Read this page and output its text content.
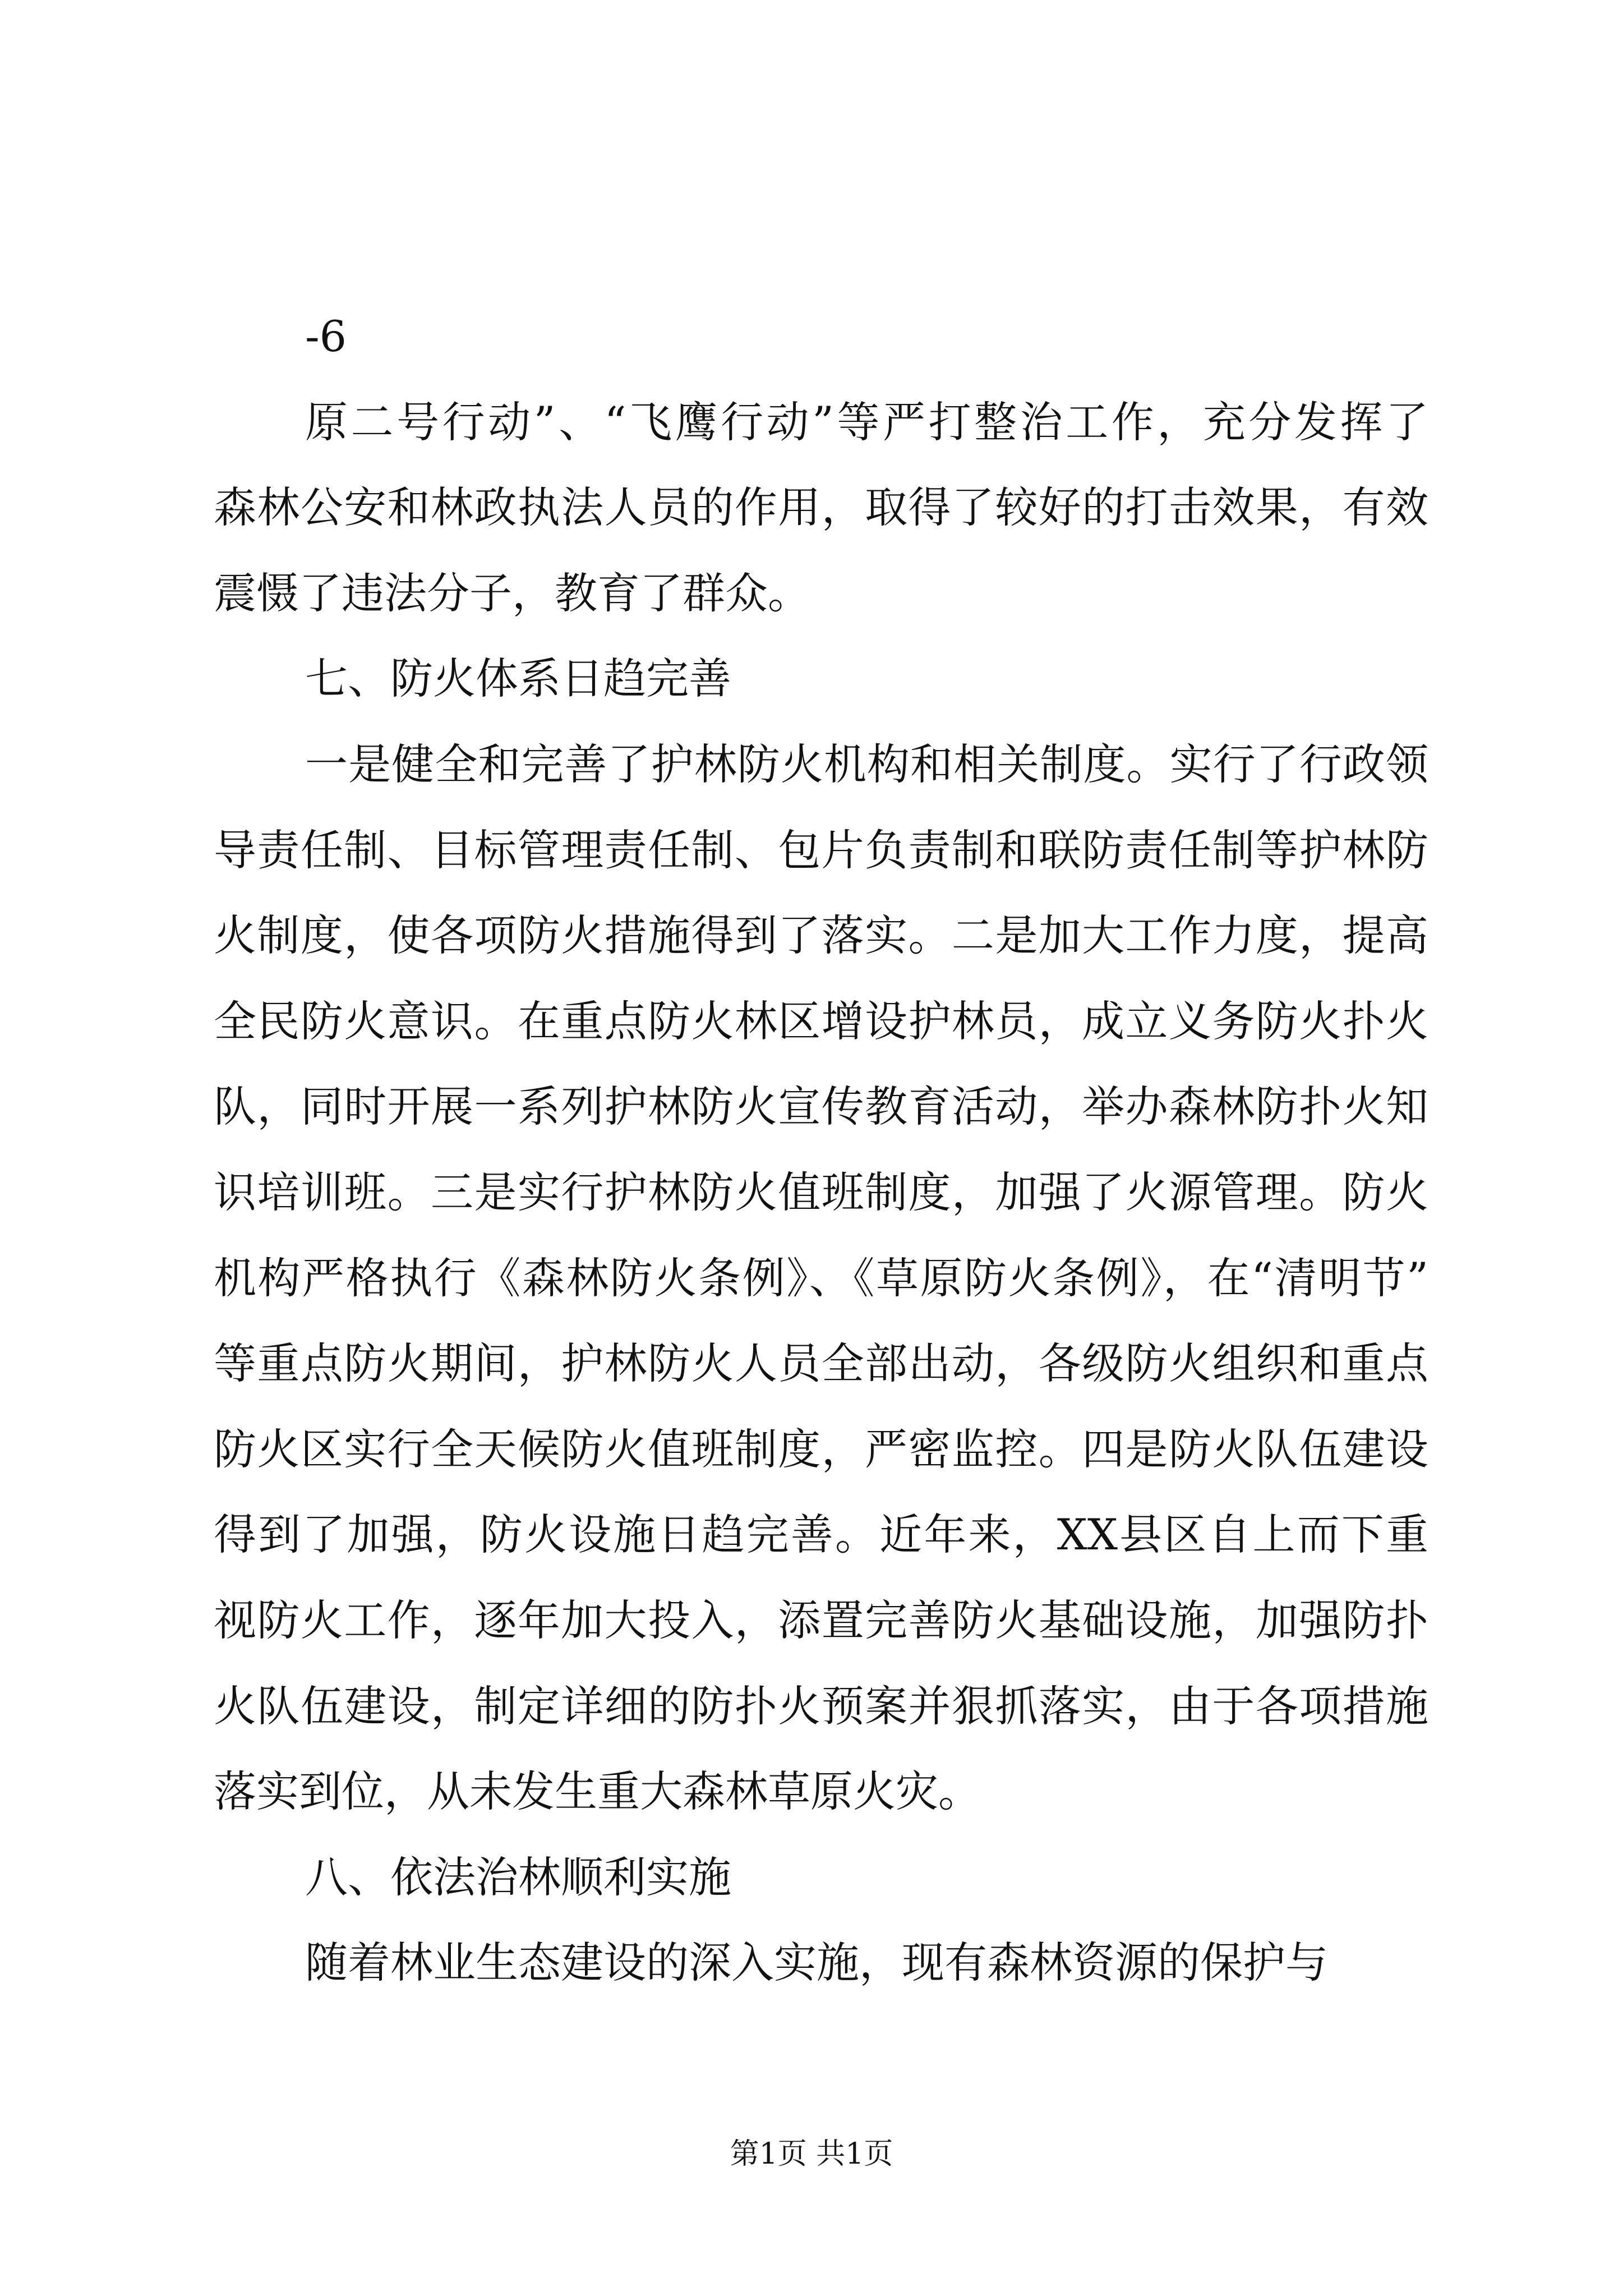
-6
原二号行动”、“飞鹰行动”等严打整治工作，充分发挥了
森林公安和林政执法人员的作用，取得了较好的打击效果，有效
震慑了违法分子，教育了群众。
七、防火体系日趋完善
一是健全和完善了护林防火机构和相关制度。实行了行政领
导责任制、目标管理责任制、包片负责制和联防责任制等护林防
火制度，使各项防火措施得到了落实。二是加大工作力度，提高
全民防火意识。在重点防火林区增设护林员，成立义务防火扑火
队，同时开展一系列护林防火宣传教育活动，举办森林防扑火知
识培训班。三是实行护林防火值班制度，加强了火源管理。防火
机构严格执行《森林防火条例》、《草原防火条例》，在“清明节”
等重点防火期间，护林防火人员全部出动，各级防火组织和重点
防火区实行全天候防火值班制度，严密监控。四是防火队伍建设
得到了加强，防火设施日趋完善。近年来，XX县区自上而下重
视防火工作，逐年加大投入，添置完善防火基础设施，加强防扑
火队伍建设，制定详细的防扑火预案并狠抓落实，由于各项措施
落实到位，从未发生重大森林草原火灾。
八、依法治林顺利实施
随着林业生态建设的深入实施，现有森林资源的保护与
第1页 共1页
